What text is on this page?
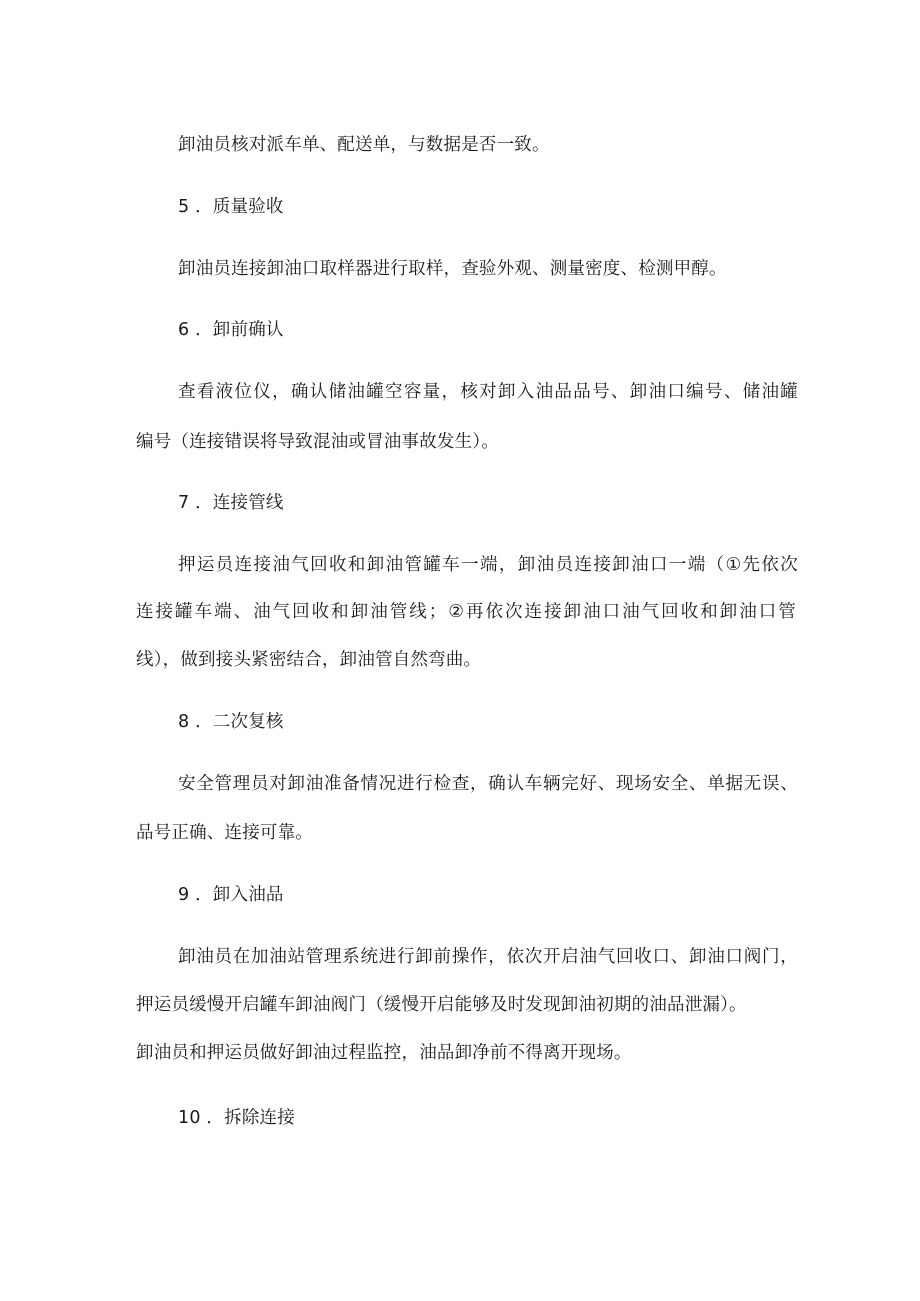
卸油员核对派车单、配送单，与数据是否一致。
5 ．质量验收
卸油员连接卸油口取样器进行取样，查验外观、测量密度、检测甲醇。
6 ．卸前确认
查看液位仪，确认储油罐空容量，核对卸入油品品号、卸油口编号、储油罐
编号（连接错误将导致混油或冒油事故发生）。
7 ．连接管线
押运员连接油气回收和卸油管罐车一端，卸油员连接卸油口一端（①先依次
连接罐车端、油气回收和卸油管线；②再依次连接卸油口油气回收和卸油口管
线），做到接头紧密结合，卸油管自然弯曲。
8 ．二次复核
安全管理员对卸油准备情况进行检查，确认车辆完好、现场安全、单据无误、
品号正确、连接可靠。
9 ．卸入油品
卸油员在加油站管理系统进行卸前操作，依次开启油气回收口、卸油口阀门，
押运员缓慢开启罐车卸油阀门（缓慢开启能够及时发现卸油初期的油品泄漏）。
卸油员和押运员做好卸油过程监控，油品卸净前不得离开现场。
10 ．拆除连接
